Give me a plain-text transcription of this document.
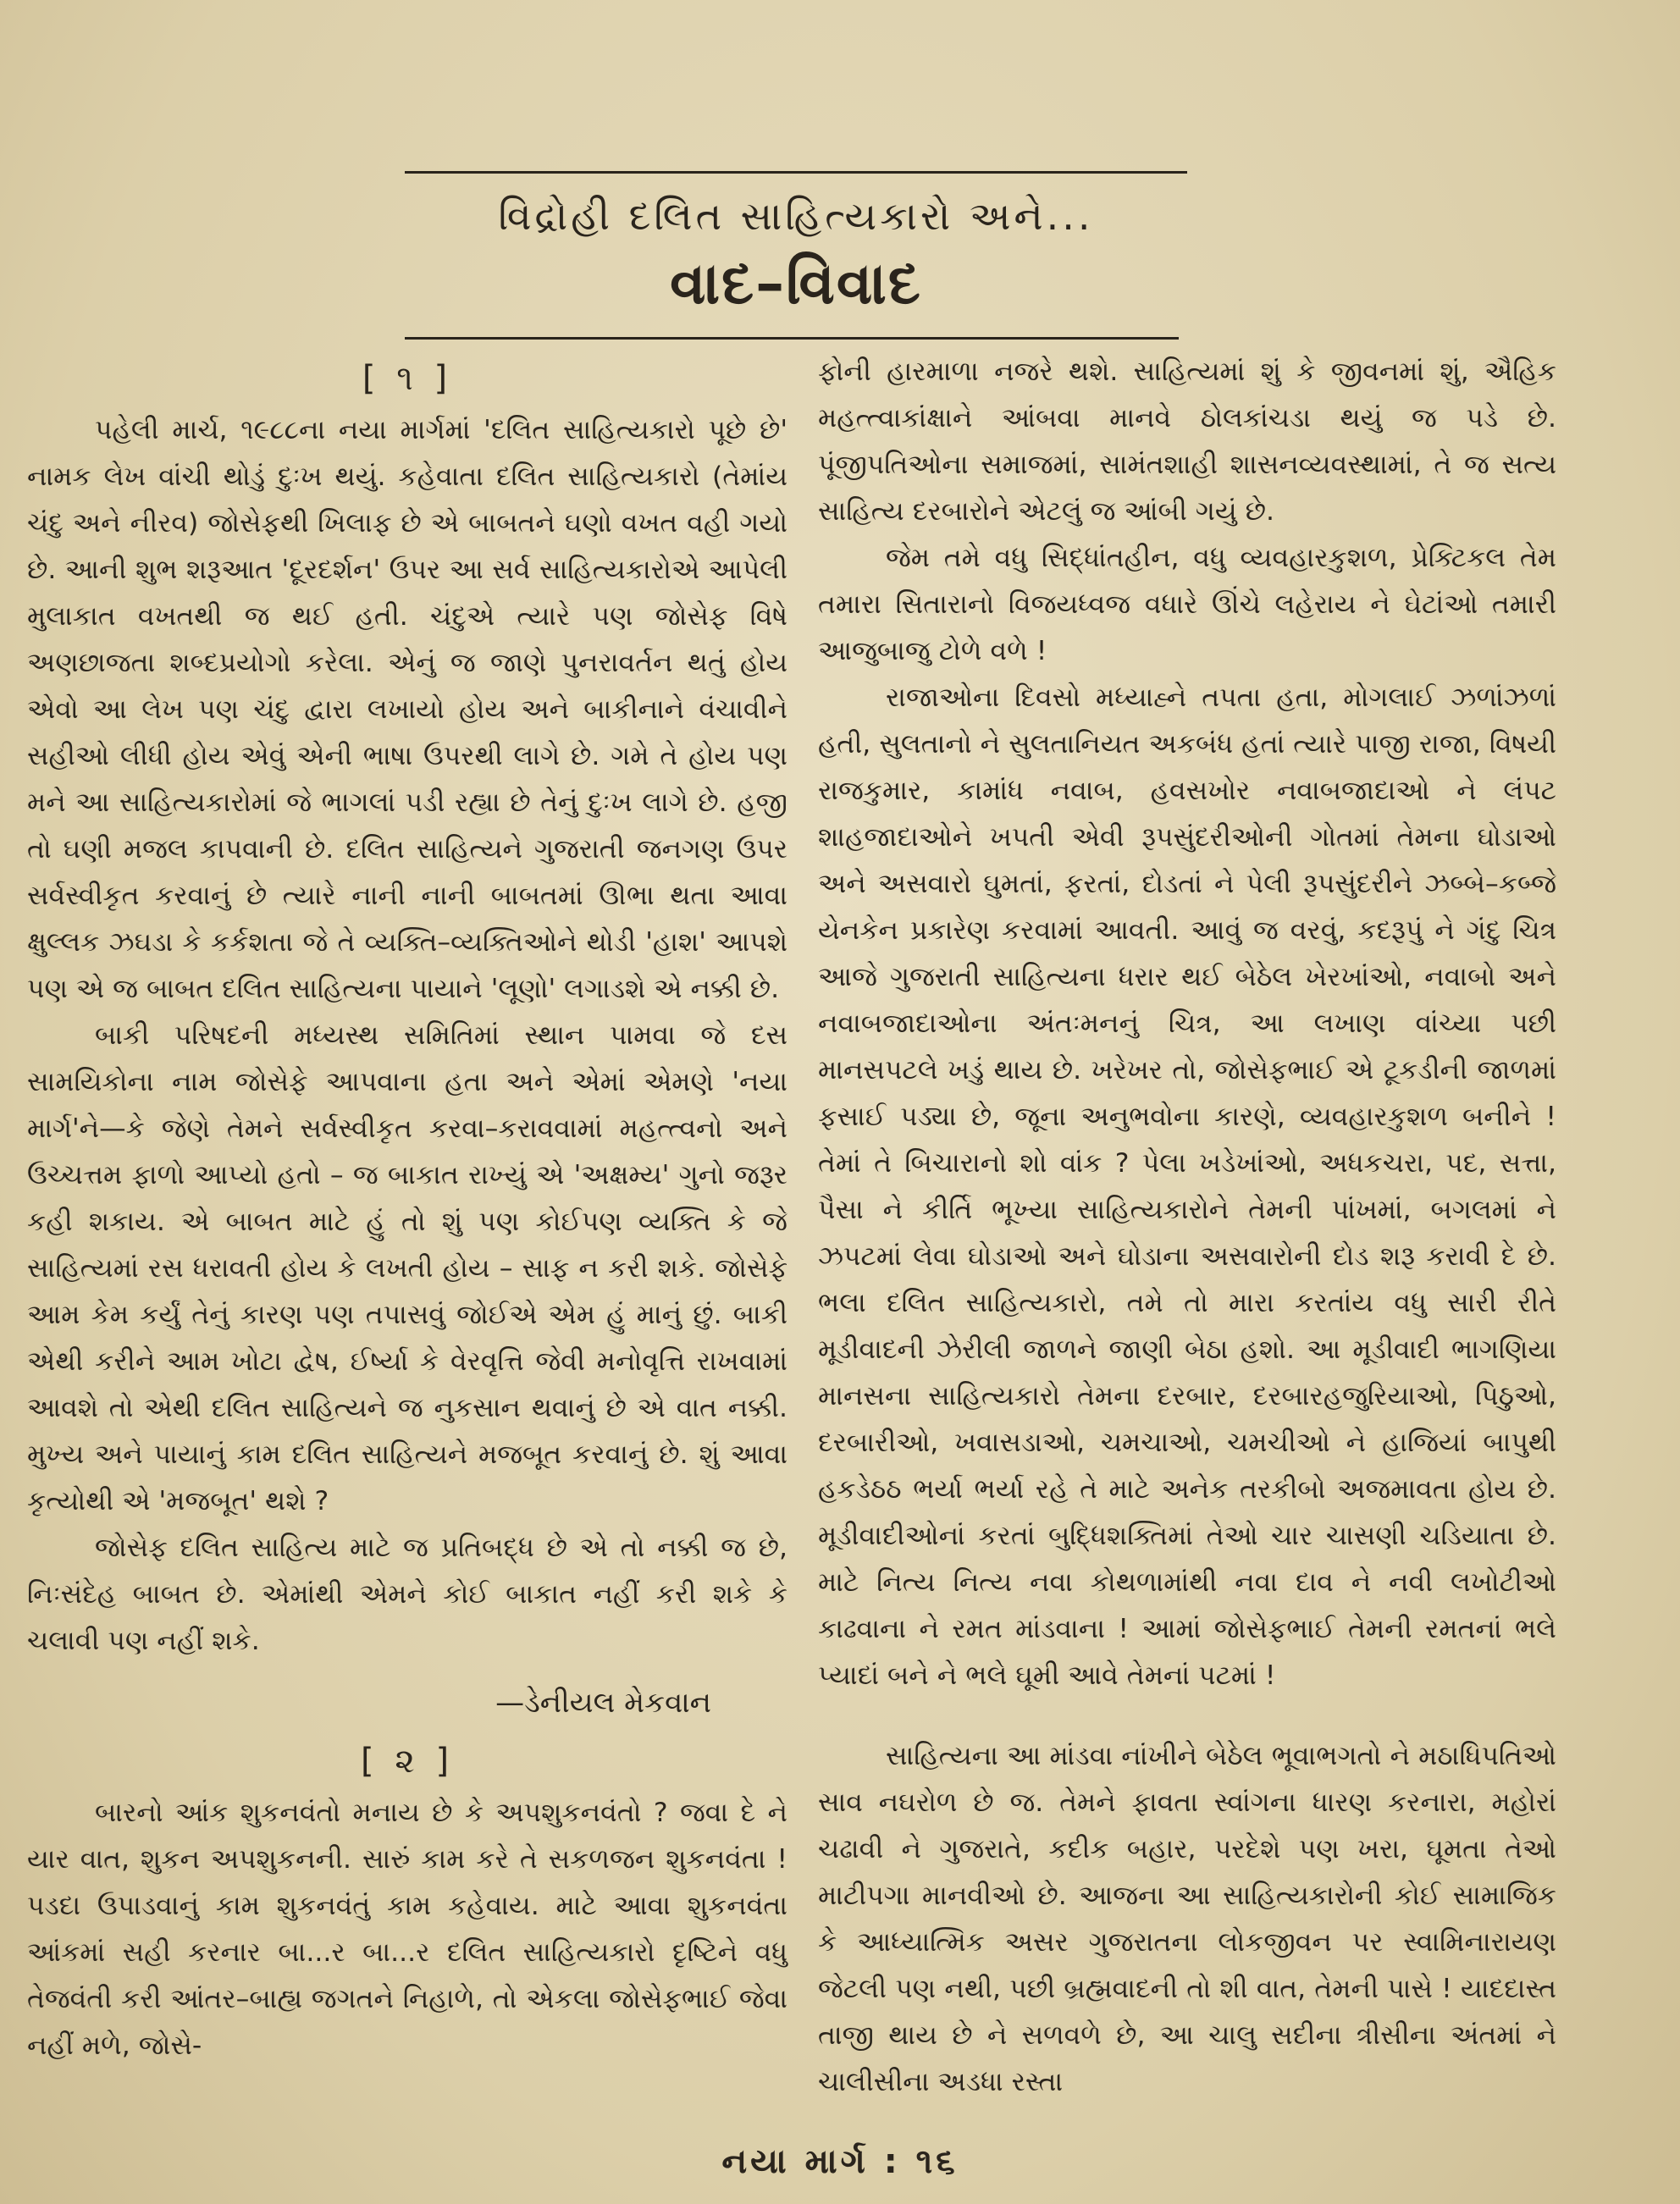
વિદ્રોહી દલિત સાહિત્યકારો અને...
વાદ–વિવાદ
[ ૧ ]

પહેલી માર્ચ, ૧૯૮૮ના નયા માર્ગમાં 'દલિત સાહિત્યકારો પૂછે છે' નામક લેખ વાંચી થોડું દુઃખ થયું. કહેવાતા દલિત સાહિત્યકારો (તેમાંય ચંદુ અને નીરવ) જોસેફથી ખિલાફ છે એ બાબતને ઘણો વખત વહી ગયો છે. આની શુભ શરૂઆત 'દૂરદર્શન' ઉપર આ સર્વ સાહિત્યકારોએ આપેલી મુલાકાત વખતથી જ થઈ હતી. ચંદુએ ત્યારે પણ જોસેફ વિષે અણછાજતા શબ્દપ્રયોગો કરેલા. એનું જ જાણે પુનરાવર્તન થતું હોય એવો આ લેખ પણ ચંદુ દ્વારા લખાયો હોય અને બાકીનાને વંચાવીને સહીઓ લીધી હોય એવું એની ભાષા ઉપરથી લાગે છે. ગમે તે હોય પણ મને આ સાહિત્યકારોમાં જે ભાગલાં પડી રહ્યા છે તેનું દુઃખ લાગે છે. હજી તો ઘણી મજલ કાપવાની છે. દલિત સાહિત્યને ગુજરાતી જનગણ ઉપર સર્વસ્વીકૃત કરવાનું છે ત્યારે નાની નાની બાબતમાં ઊભા થતા આવા ક્ષુલ્લક ઝઘડા કે કર્કશતા જે તે વ્યક્તિ–વ્યક્તિઓને થોડી 'હાશ' આપશે પણ એ જ બાબત દલિત સાહિત્યના પાયાને 'લૂણો' લગાડશે એ નક્કી છે.

બાકી પરિષદની મધ્યસ્થ સમિતિમાં સ્થાન પામવા જે દસ સામયિકોના નામ જોસેફે આપવાના હતા અને એમાં એમણે 'નયા માર્ગ'ને—કે જેણે તેમને સર્વસ્વીકૃત કરવા–કરાવવામાં મહત્ત્વનો અને ઉચ્ચત્તમ ફાળો આપ્યો હતો – જ બાકાત રાખ્યું એ 'અક્ષમ્ય' ગુનો જરૂર કહી શકાય. એ બાબત માટે હું તો શું પણ કોઈપણ વ્યક્તિ કે જે સાહિત્યમાં રસ ધરાવતી હોય કે લખતી હોય – સાફ ન કરી શકે. જોસેફે આમ કેમ કર્યું તેનું કારણ પણ તપાસવું જોઈએ એમ હું માનું છું. બાકી એથી કરીને આમ ખોટા દ્વેષ, ઈર્ષ્યા કે વેરવૃત્તિ જેવી મનોવૃત્તિ રાખવામાં આવશે તો એથી દલિત સાહિત્યને જ નુકસાન થવાનું છે એ વાત નક્કી. મુખ્ય અને પાયાનું કામ દલિત સાહિત્યને મજબૂત કરવાનું છે. શું આવા કૃત્યોથી એ 'મજબૂત' થશે ?

જોસેફ દલિત સાહિત્ય માટે જ પ્રતિબદ્ધ છે એ તો નક્કી જ છે, નિઃસંદેહ બાબત છે. એમાંથી એમને કોઈ બાકાત નહીં કરી શકે કે ચલાવી પણ નહીં શકે.

—ડેનીયલ મેકવાન
[ ૨ ]

બારનો આંક શુકનવંતો મનાય છે કે અપશુકનવંતો ? જવા દે ને યાર વાત, શુકન અપશુકનની. સારું કામ કરે તે સકળજન શુકનવંતા ! પડદા ઉપાડવાનું કામ શુકનવંતું કામ કહેવાય. માટે આવા શુકનવંતા આંકમાં સહી કરનાર બા...ર બા...ર દલિત સાહિત્યકારો દૃષ્ટિને વધુ તેજવંતી કરી આંતર–બાહ્ય જગતને નિહાળે, તો એકલા જોસેફભાઈ જેવા નહીં મળે, જોસે-

ફોની હારમાળા નજરે થશે. સાહિત્યમાં શું કે જીવનમાં શું, ઐહિક મહત્ત્વાકાંક્ષાને આંબવા માનવે ઠોલકાંચડા થયું જ પડે છે. પૂંજીપતિઓના સમાજમાં, સામંતશાહી શાસનવ્યવસ્થામાં, તે જ સત્ય સાહિત્ય દરબારોને એટલું જ આંબી ગયું છે.

જેમ તમે વધુ સિદ્ધાંતહીન, વધુ વ્યવહારકુશળ, પ્રેક્ટિકલ તેમ તમારા સિતારાનો વિજયધ્વજ વધારે ઊંચે લહેરાય ને ઘેટાંઓ તમારી આજુબાજુ ટોળે વળે !

રાજાઓના દિવસો મધ્યાહ્ને તપતા હતા, મોગલાઈ ઝળાંઝળાં હતી, સુલતાનો ને સુલતાનિયત અકબંધ હતાં ત્યારે પાજી રાજા, વિષયી રાજકુમાર, કામાંધ નવાબ, હવસખોર નવાબજાદાઓ ને લંપટ શાહજાદાઓને ખપતી એવી રૂપસુંદરીઓની ગોતમાં તેમના ઘોડાઓ અને અસવારો ઘુમતાં, ફરતાં, દોડતાં ને પેલી રૂપસુંદરીને ઝબ્બે–કબ્જે યેનકેન પ્રકારેણ કરવામાં આવતી. આવું જ વરવું, કદરૂપું ને ગંદુ ચિત્ર આજે ગુજરાતી સાહિત્યના ધરાર થઈ બેઠેલ ખેરખાંઓ, નવાબો અને નવાબજાદાઓના અંતઃમનનું ચિત્ર, આ લખાણ વાંચ્યા પછી માનસપટલે ખડું થાય છે. ખરેખર તો, જોસેફભાઈ એ ટૂકડીની જાળમાં ફસાઈ પડ્યા છે, જૂના અનુભવોના કારણે, વ્યવહારકુશળ બનીને ! તેમાં તે બિચારાનો શો વાંક ? પેલા ખડેખાંઓ, અધકચરા, પદ, સત્તા, પૈસા ને કીર્તિ ભૂખ્યા સાહિત્યકારોને તેમની પાંખમાં, બગલમાં ને ઝપટમાં લેવા ઘોડાઓ અને ઘોડાના અસવારોની દોડ શરૂ કરાવી દે છે. ભલા દલિત સાહિત્યકારો, તમે તો મારા કરતાંય વધુ સારી રીતે મૂડીવાદની ઝેરીલી જાળને જાણી બેઠા હશો. આ મૂડીવાદી ભાગણિયા માનસના સાહિત્યકારો તેમના દરબાર, દરબારહજુરિયાઓ, પિઠુઓ, દરબારીઓ, ખવાસડાઓ, ચમચાઓ, ચમચીઓ ને હાજિયાં બાપુથી હકડેઠઠ ભર્યા ભર્યા રહે તે માટે અનેક તરકીબો અજમાવતા હોય છે. મૂડીવાદીઓનાં કરતાં બુદ્ધિશક્તિમાં તેઓ ચાર ચાસણી ચડિયાતા છે. માટે નિત્ય નિત્ય નવા કોથળામાંથી નવા દાવ ને નવી લખોટીઓ કાઢવાના ને રમત માંડવાના ! આમાં જોસેફભાઈ તેમની રમતનાં ભલે પ્યાદાં બને ને ભલે ઘૂમી આવે તેમનાં પટમાં !

સાહિત્યના આ માંડવા નાંખીને બેઠેલ ભૂવાભગતો ને મઠાધિપતિઓ સાવ નઘરોળ છે જ. તેમને ફાવતા સ્વાંગના ધારણ કરનારા, મહોરાં ચઢાવી ને ગુજરાતે, કદીક બહાર, પરદેશે પણ ખરા, ઘૂમતા તેઓ માટીપગા માનવીઓ છે. આજના આ સાહિત્યકારોની કોઈ સામાજિક કે આધ્યાત્મિક અસર ગુજરાતના લોકજીવન પર સ્વામિનારાયણ જેટલી પણ નથી, પછી બ્રહ્મવાદની તો શી વાત, તેમની પાસે ! યાદદાસ્ત તાજી થાય છે ને સળવળે છે, આ ચાલુ સદીના ત્રીસીના અંતમાં ને ચાલીસીના અડધા રસ્તા

નયા માર્ગ : ૧૬
